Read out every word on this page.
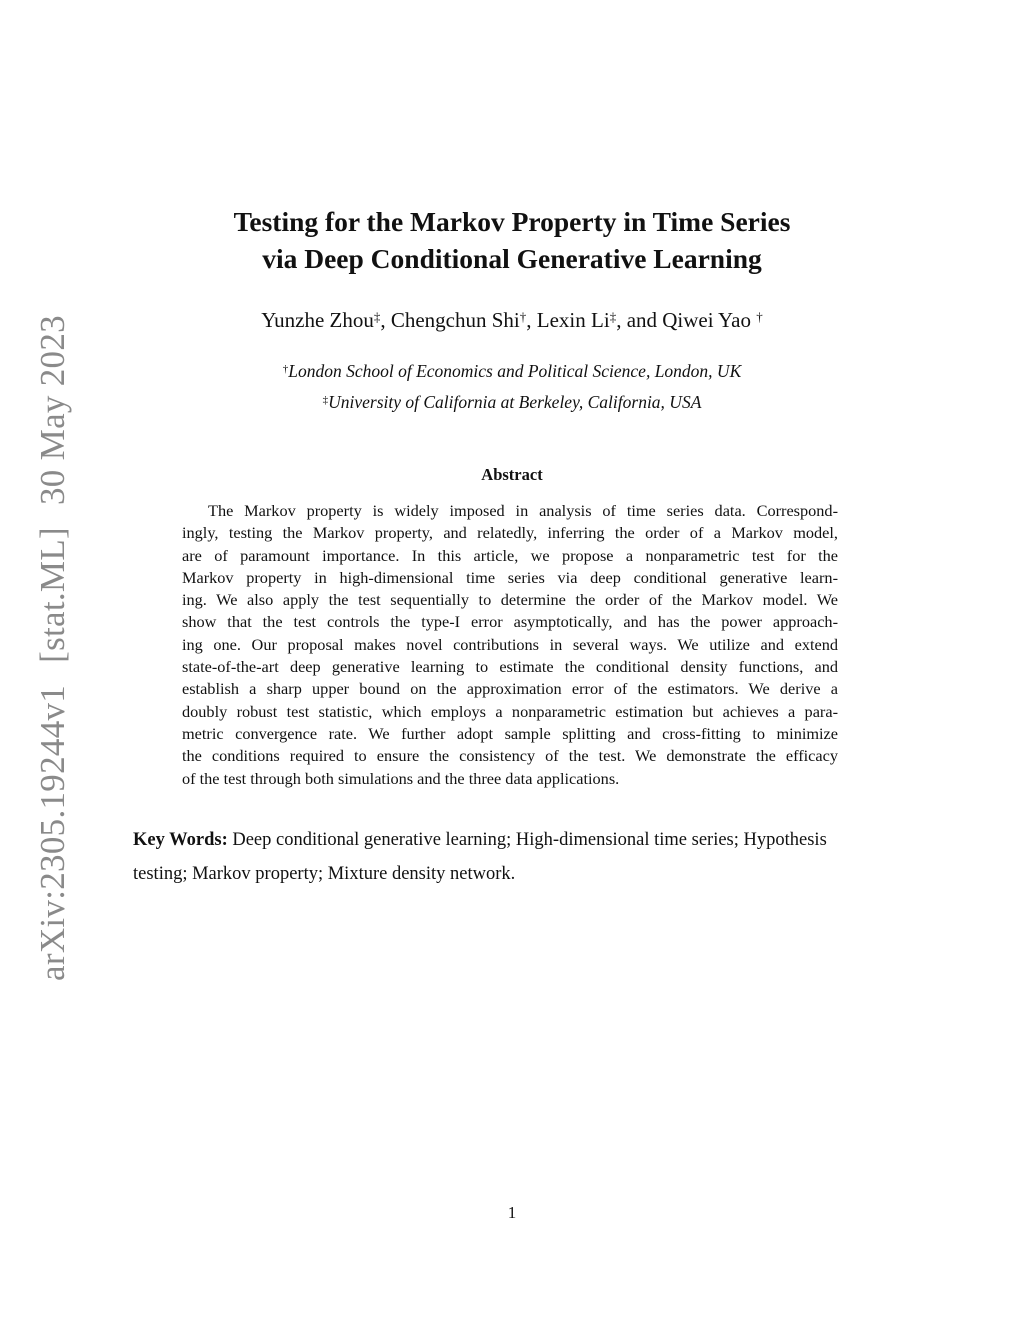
arXiv:2305.19244v1[stat.ML]30 May 2023
Testing for the Markov Property in Time Series
via Deep Conditional Generative Learning
Yunzhe Zhou‡, Chengchun Shi†, Lexin Li‡, and Qiwei Yao †
†London School of Economics and Political Science, London, UK
‡University of California at Berkeley, California, USA
Abstract
The Markov property is widely imposed in analysis of time series data. Correspond-
ingly, testing the Markov property, and relatedly, inferring the order of a Markov model,
are of paramount importance. In this article, we propose a nonparametric test for the
Markov property in high-dimensional time series via deep conditional generative learn-
ing. We also apply the test sequentially to determine the order of the Markov model. We
show that the test controls the type-I error asymptotically, and has the power approach-
ing one. Our proposal makes novel contributions in several ways. We utilize and extend
state-of-the-art deep generative learning to estimate the conditional density functions, and
establish a sharp upper bound on the approximation error of the estimators. We derive a
doubly robust test statistic, which employs a nonparametric estimation but achieves a para-
metric convergence rate. We further adopt sample splitting and cross-fitting to minimize
the conditions required to ensure the consistency of the test. We demonstrate the efficacy
of the test through both simulations and the three data applications.
Key Words: Deep conditional generative learning; High-dimensional time series; Hypothesis
testing; Markov property; Mixture density network.
1
